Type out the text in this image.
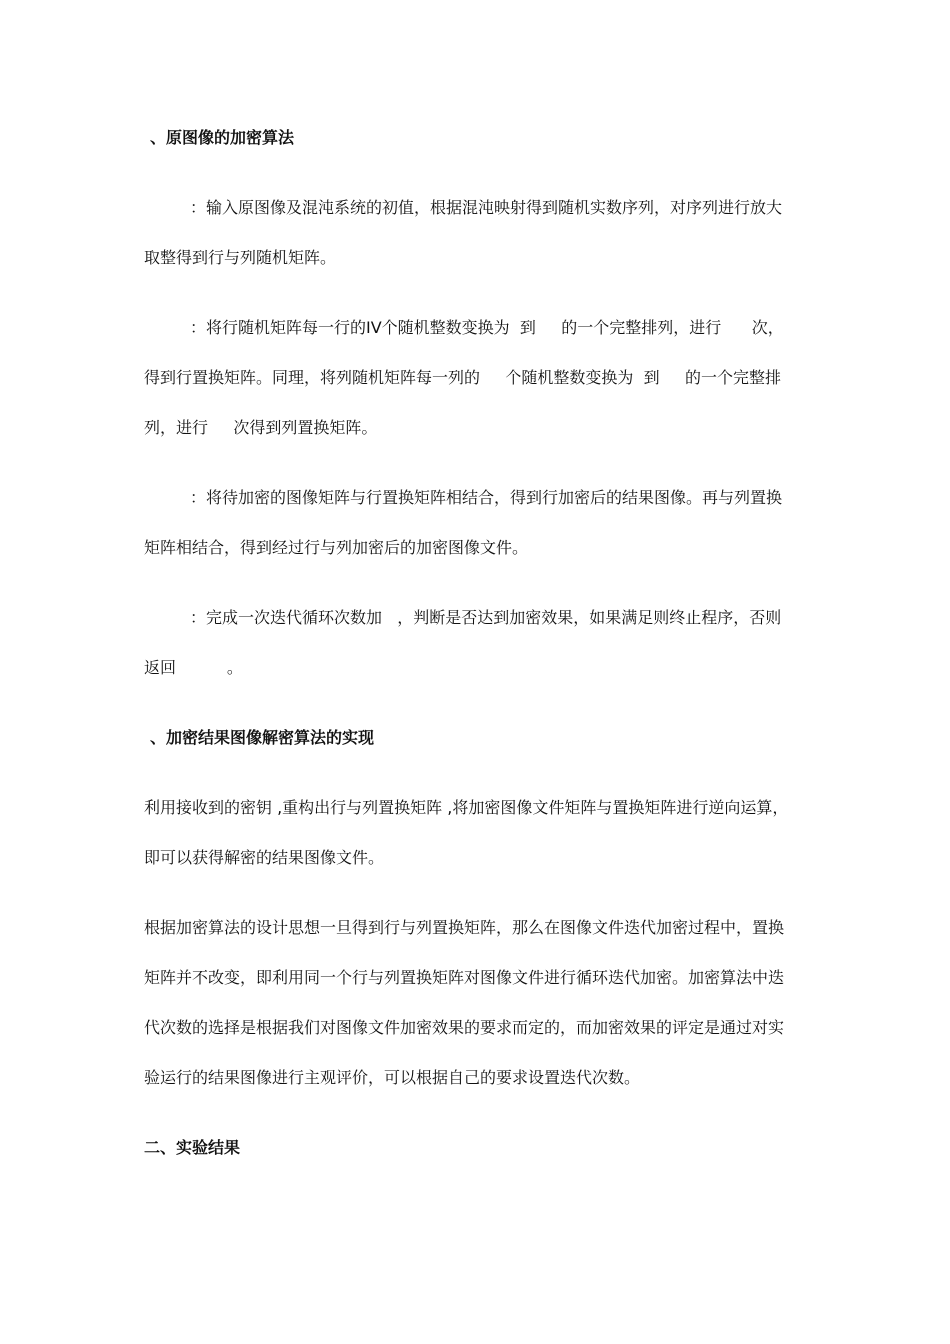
、原图像的加密算法

：输入原图像及混沌系统的初值，根据混沌映射得到随机实数序列，对序列进行放大

取整得到行与列随机矩阵。

：将行随机矩阵每一行的IV个随机整数变换为  到     的一个完整排列，进行      次，

得到行置换矩阵。同理，将列随机矩阵每一列的     个随机整数变换为  到     的一个完整排

列，进行     次得到列置换矩阵。

：将待加密的图像矩阵与行置换矩阵相结合，得到行加密后的结果图像。再与列置换

矩阵相结合，得到经过行与列加密后的加密图像文件。

：完成一次迭代循环次数加   ，判断是否达到加密效果，如果满足则终止程序，否则

返回          。

、加密结果图像解密算法的实现

利用接收到的密钥 ,重构出行与列置换矩阵 ,将加密图像文件矩阵与置换矩阵进行逆向运算，

即可以获得解密的结果图像文件。

根据加密算法的设计思想一旦得到行与列置换矩阵，那么在图像文件迭代加密过程中，置换

矩阵并不改变，即利用同一个行与列置换矩阵对图像文件进行循环迭代加密。加密算法中迭

代次数的选择是根据我们对图像文件加密效果的要求而定的，而加密效果的评定是通过对实

验运行的结果图像进行主观评价，可以根据自己的要求设置迭代次数。

二、实验结果
